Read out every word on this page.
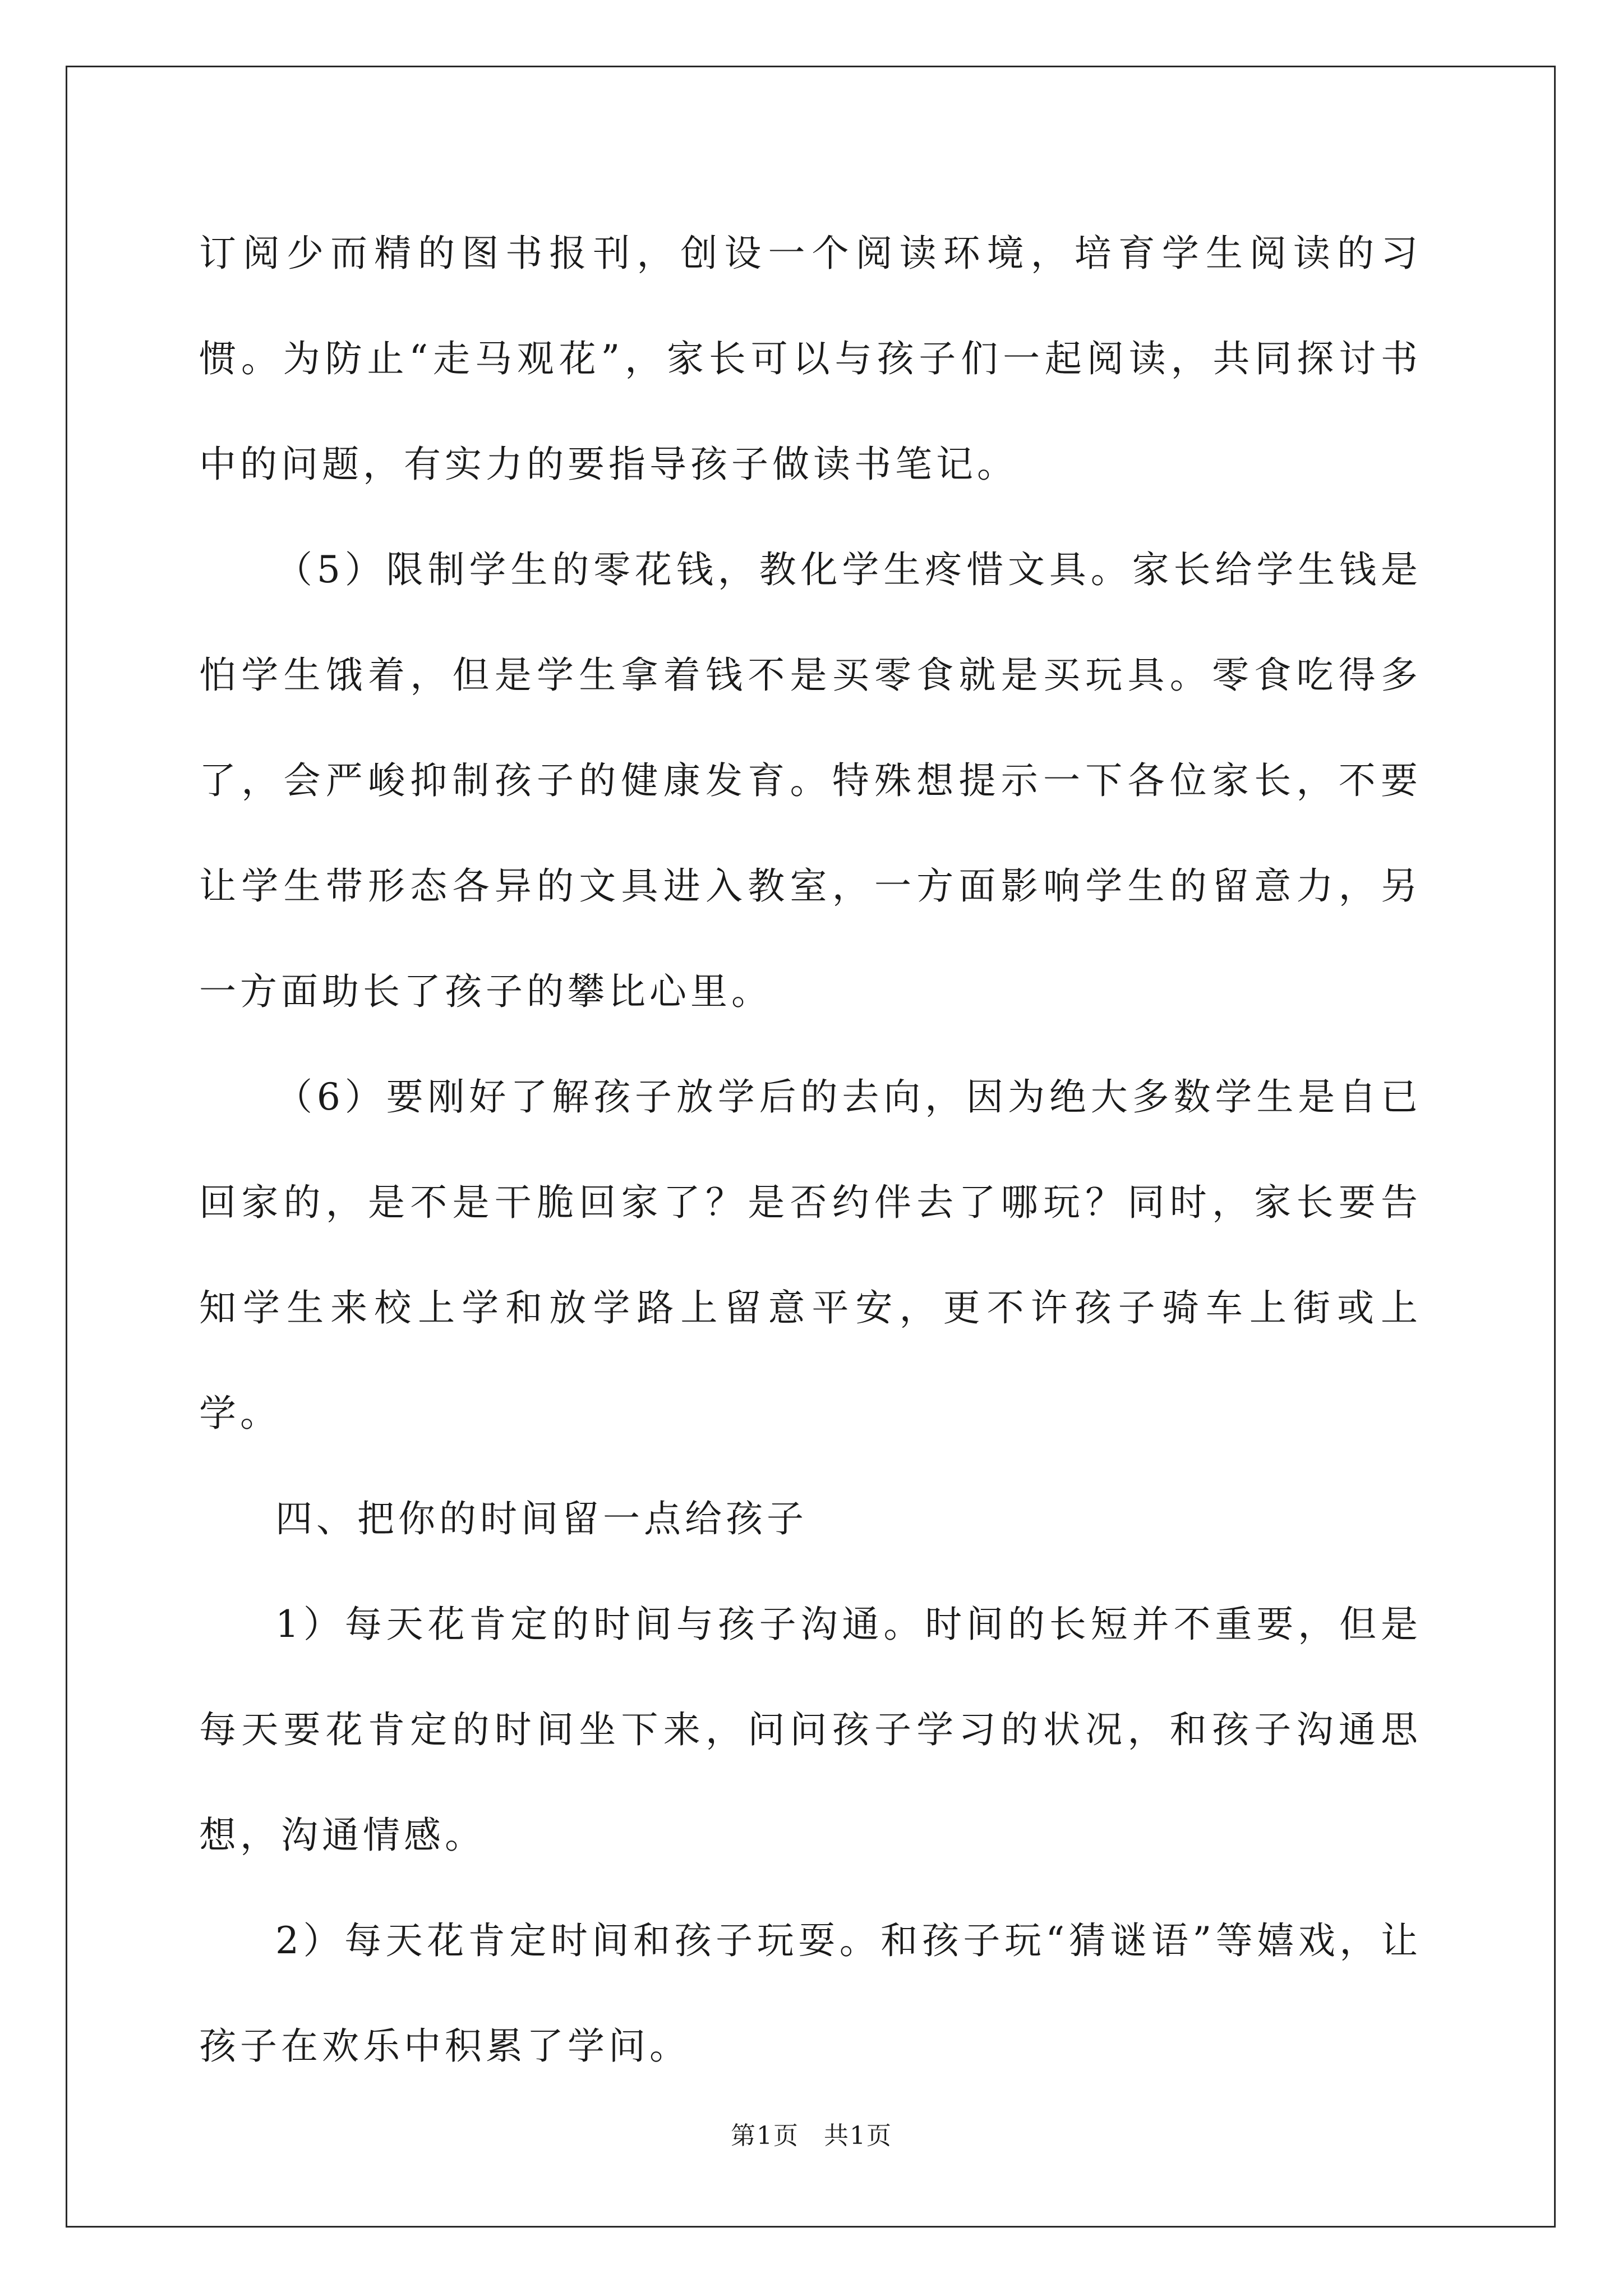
订阅少而精的图书报刊，创设一个阅读环境，培育学生阅读的习惯。为防止“走马观花”，家长可以与孩子们一起阅读，共同探讨书中的问题，有实力的要指导孩子做读书笔记。

（5）限制学生的零花钱，教化学生疼惜文具。家长给学生钱是怕学生饿着，但是学生拿着钱不是买零食就是买玩具。零食吃得多了，会严峻抑制孩子的健康发育。特殊想提示一下各位家长，不要让学生带形态各异的文具进入教室，一方面影响学生的留意力，另一方面助长了孩子的攀比心里。

（6）要刚好了解孩子放学后的去向，因为绝大多数学生是自已回家的，是不是干脆回家了？是否约伴去了哪玩？同时，家长要告知学生来校上学和放学路上留意平安，更不许孩子骑车上街或上学。

四、把你的时间留一点给孩子

1）每天花肯定的时间与孩子沟通。时间的长短并不重要，但是每天要花肯定的时间坐下来，问问孩子学习的状况，和孩子沟通思想，沟通情感。

2）每天花肯定时间和孩子玩耍。和孩子玩“猜谜语”等嬉戏，让孩子在欢乐中积累了学问。

第1页 共1页
